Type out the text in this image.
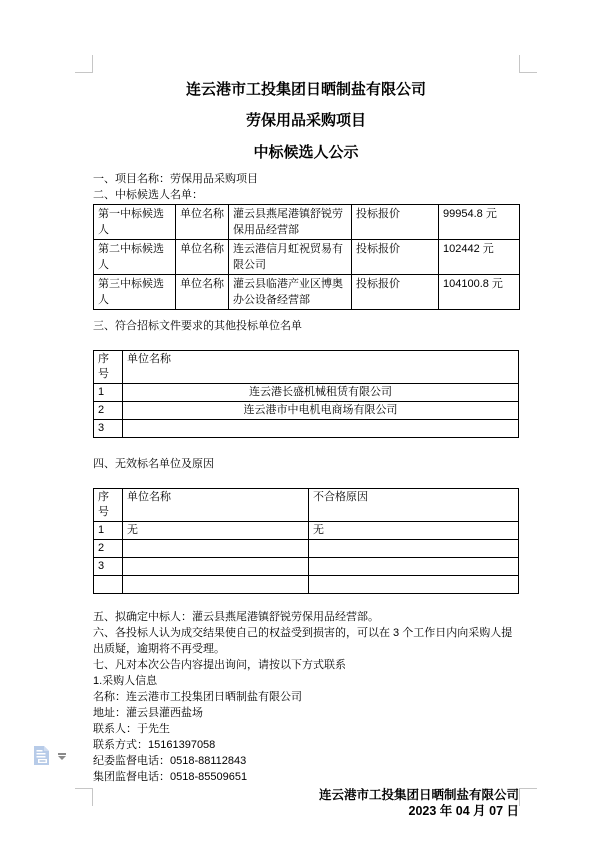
连云港市工投集团日晒制盐有限公司
劳保用品采购项目
中标候选人公示

一、项目名称：劳保用品采购项目

二、中标候选人名单：

第一中标候选人	单位名称	灌云县燕尾港镇舒锐劳保用品经营部	投标报价	99954.8 元
第二中标候选人	单位名称	连云港信月虹祝贸易有限公司	投标报价	102442 元
第三中标候选人	单位名称	灌云县临港产业区博奥办公设备经营部	投标报价	104100.8 元

三、符合招标文件要求的其他投标单位名单

序号	单位名称
1	连云港长盛机械租赁有限公司
2	连云港市中电机电商场有限公司
3	

四、无效标名单位及原因

序号	单位名称	不合格原因
1	无	无
2		
3		

五、拟确定中标人：灌云县燕尾港镇舒锐劳保用品经营部。

六、各投标人认为成交结果使自己的权益受到损害的，可以在 3 个工作日内向采购人提出质疑，逾期将不再受理。

七、凡对本次公告内容提出询问，请按以下方式联系

1.采购人信息

名称：连云港市工投集团日晒制盐有限公司

地址：灌云县灌西盐场

联系人：于先生

联系方式：15161397058

纪委监督电话：0518-88112843

集团监督电话：0518-85509651

连云港市工投集团日晒制盐有限公司

2023 年 04 月 07 日
